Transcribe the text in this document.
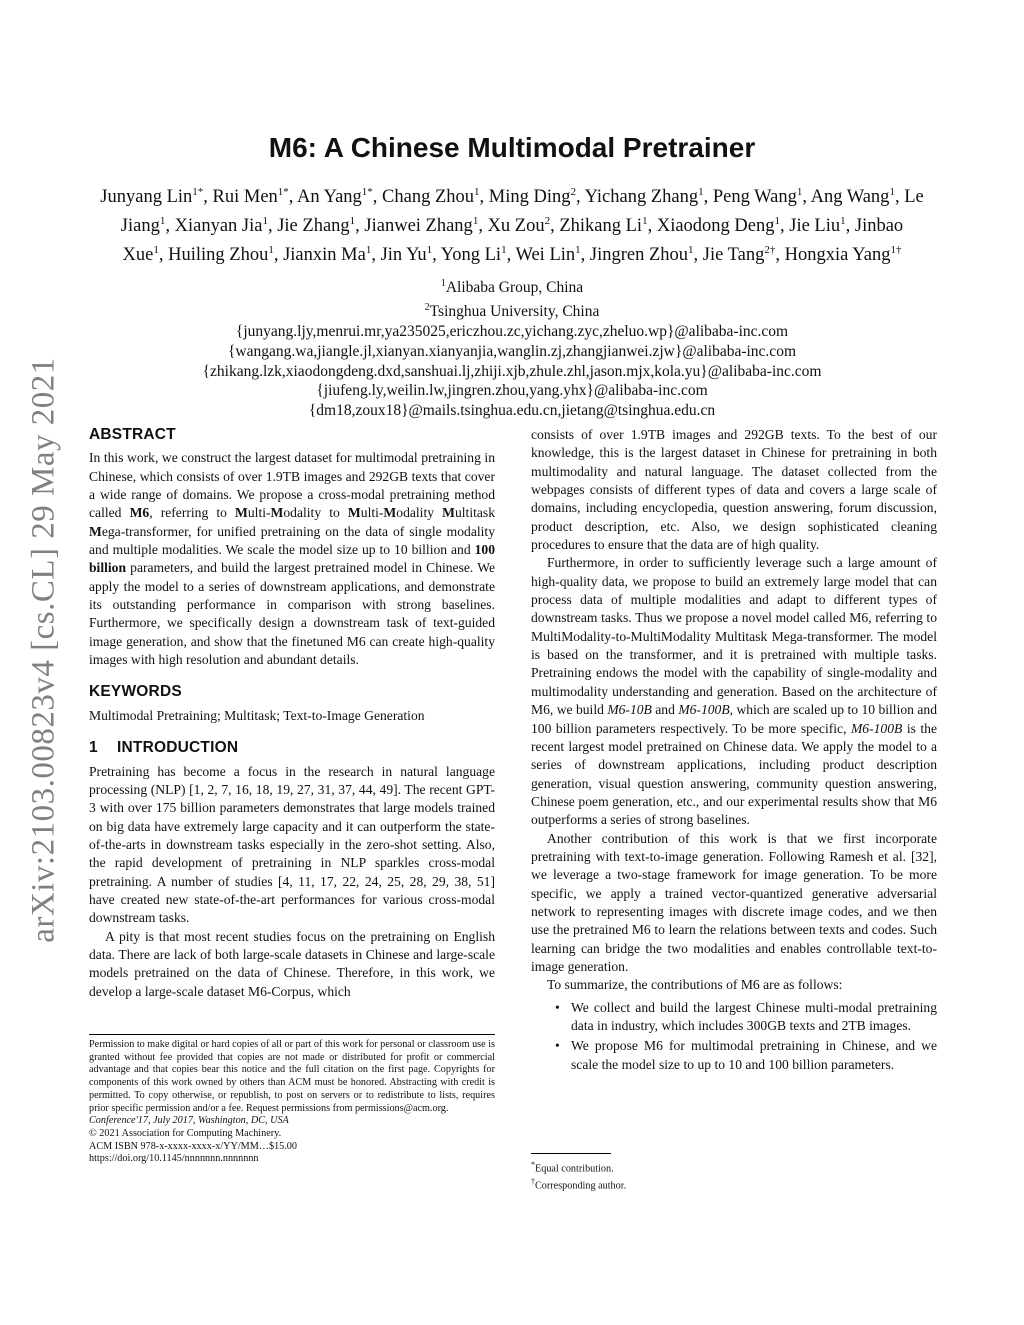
arXiv:2103.00823v4 [cs.CL] 29 May 2021
M6: A Chinese Multimodal Pretrainer
Junyang Lin$^{1*}$, Rui Men$^{1*}$, An Yang$^{1*}$, Chang Zhou$^1$, Ming Ding$^2$, Yichang Zhang$^1$, Peng Wang$^1$, Ang Wang$^1$, Le Jiang$^1$, Xianyan Jia$^1$, Jie Zhang$^1$, Jianwei Zhang$^1$, Xu Zou$^2$, Zhikang Li$^1$, Xiaodong Deng$^1$, Jie Liu$^1$, Jinbao Xue$^1$, Huiling Zhou$^1$, Jianxin Ma$^1$, Jin Yu$^1$, Yong Li$^1$, Wei Lin$^1$, Jingren Zhou$^1$, Jie Tang$^{2\dagger}$, Hongxia Yang$^{1\dagger}$
$^1$Alibaba Group, China
$^2$Tsinghua University, China
{junyang.ljy,menrui.mr,ya235025,ericzhou.zc,yichang.zyc,zheluo.wp}@alibaba-inc.com
{wangang.wa,jiangle.jl,xianyan.xianyanjia,wanglin.zj,zhangjianwei.zjw}@alibaba-inc.com
{zhikang.lzk,xiaodongdeng.dxd,sanshuai.lj,zhiji.xjb,zhule.zhl,jason.mjx,kola.yu}@alibaba-inc.com
{jiufeng.ly,weilin.lw,jingren.zhou,yang.yhx}@alibaba-inc.com
{dm18,zoux18}@mails.tsinghua.edu.cn,jietang@tsinghua.edu.cn
ABSTRACT

In this work, we construct the largest dataset for multimodal pretraining in Chinese, which consists of over 1.9TB images and 292GB texts that cover a wide range of domains. We propose a cross-modal pretraining method called M6, referring to Multi-Modality to Multi-Modality Multitask Mega-transformer, for unified pretraining on the data of single modality and multiple modalities. We scale the model size up to 10 billion and 100 billion parameters, and build the largest pretrained model in Chinese. We apply the model to a series of downstream applications, and demonstrate its outstanding performance in comparison with strong baselines. Furthermore, we specifically design a downstream task of text-guided image generation, and show that the finetuned M6 can create high-quality images with high resolution and abundant details.

KEYWORDS

Multimodal Pretraining; Multitask; Text-to-Image Generation

1 INTRODUCTION

Pretraining has become a focus in the research in natural language processing (NLP) [1, 2, 7, 16, 18, 19, 27, 31, 37, 44, 49]. The recent GPT-3 with over 175 billion parameters demonstrates that large models trained on big data have extremely large capacity and it can outperform the state-of-the-arts in downstream tasks especially in the zero-shot setting. Also, the rapid development of pretraining in NLP sparkles cross-modal pretraining. A number of studies [4, 11, 17, 22, 24, 25, 28, 29, 38, 51] have created new state-of-the-art performances for various cross-modal downstream tasks.

A pity is that most recent studies focus on the pretraining on English data. There are lack of both large-scale datasets in Chinese and large-scale models pretrained on the data of Chinese. Therefore, in this work, we develop a large-scale dataset M6-Corpus, which

Permission to make digital or hard copies of all or part of this work for personal or classroom use is granted without fee provided that copies are not made or distributed for profit or commercial advantage and that copies bear this notice and the full citation on the first page. Copyrights for components of this work owned by others than ACM must be honored. Abstracting with credit is permitted. To copy otherwise, or republish, to post on servers or to redistribute to lists, requires prior specific permission and/or a fee. Request permissions from permissions@acm.org.

Conference'17, July 2017, Washington, DC, USA

© 2021 Association for Computing Machinery.

ACM ISBN 978-x-xxxx-xxxx-x/YY/MM…$15.00

https://doi.org/10.1145/nnnnnnn.nnnnnnn

consists of over 1.9TB images and 292GB texts. To the best of our knowledge, this is the largest dataset in Chinese for pretraining in both multimodality and natural language. The dataset collected from the webpages consists of different types of data and covers a large scale of domains, including encyclopedia, question answering, forum discussion, product description, etc. Also, we design sophisticated cleaning procedures to ensure that the data are of high quality.

Furthermore, in order to sufficiently leverage such a large amount of high-quality data, we propose to build an extremely large model that can process data of multiple modalities and adapt to different types of downstream tasks. Thus we propose a novel model called M6, referring to MultiModality-to-MultiModality Multitask Mega-transformer. The model is based on the transformer, and it is pretrained with multiple tasks. Pretraining endows the model with the capability of single-modality and multimodality understanding and generation. Based on the architecture of M6, we build M6-10B and M6-100B, which are scaled up to 10 billion and 100 billion parameters respectively. To be more specific, M6-100B is the recent largest model pretrained on Chinese data. We apply the model to a series of downstream applications, including product description generation, visual question answering, community question answering, Chinese poem generation, etc., and our experimental results show that M6 outperforms a series of strong baselines.

Another contribution of this work is that we first incorporate pretraining with text-to-image generation. Following Ramesh et al. [32], we leverage a two-stage framework for image generation. To be more specific, we apply a trained vector-quantized generative adversarial network to representing images with discrete image codes, and we then use the pretrained M6 to learn the relations between texts and codes. Such learning can bridge the two modalities and enables controllable text-to-image generation.

To summarize, the contributions of M6 are as follows:

• We collect and build the largest Chinese multi-modal pretraining data in industry, which includes 300GB texts and 2TB images.
• We propose M6 for multimodal pretraining in Chinese, and we scale the model size to up to 10 and 100 billion parameters.
*Equal contribution.
†Corresponding author.
